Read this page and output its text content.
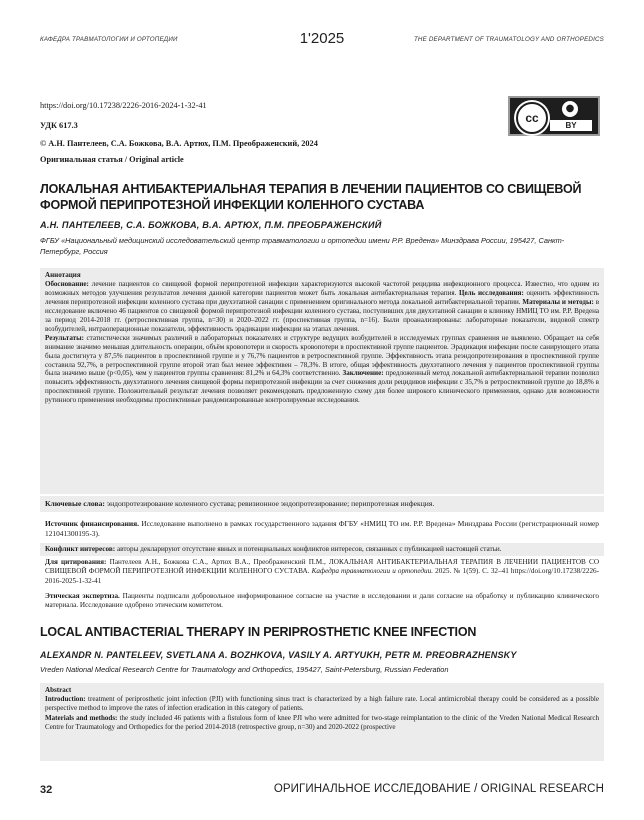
КАФЕДРА ТРАВМАТОЛОГИИ И ОРТОПЕДИИ	1'2025	THE DEPARTMENT OF TRAUMATOLOGY AND ORTHOPEDICS
https://doi.org/10.17238/2226-2016-2024-1-32-41
УДК 617.3
© А.Н. Пантелеев, С.А. Божкова, В.А. Артюх, П.М. Преображенский, 2024
Оригинальная статья / Original article
cc
●
BY
ЛОКАЛЬНАЯ АНТИБАКТЕРИАЛЬНАЯ ТЕРАПИЯ В ЛЕЧЕНИИ ПАЦИЕНТОВ СО СВИЩЕВОЙ ФОРМОЙ ПЕРИПРОТЕЗНОЙ ИНФЕКЦИИ КОЛЕННОГО СУСТАВА
А.Н. ПАНТЕЛЕЕВ, С.А. БОЖКОВА, В.А. АРТЮХ, П.М. ПРЕОБРАЖЕНСКИЙ
ФГБУ «Национальный медицинский исследовательский центр травматологии и ортопедии имени Р.Р. Вредена» Минздрава России, 195427, Санкт-Петербург, Россия
Аннотация
Обоснование: лечение пациентов со свищевой формой перипротезной инфекции характеризуются высокой частотой рецидива инфекционного процесса. Известно, что одним из возможных методов улучшения результатов лечения данной категории пациентов может быть локальная антибактериальная терапия. Цель исследования: оценить эффективность лечения перипротезной инфекции коленного сустава при двухэтапной санации с применением оригинального метода локальной антибактериальной терапии. Материалы и методы: в исследование включено 46 пациентов со свищевой формой перипротезной инфекции коленного сустава, поступивших для двухэтапной санации в клинику НМИЦ ТО им. Р.Р. Вредена за период 2014-2018 гг. (ретроспективная группа, n=30) и 2020–2022 гг. (проспективная группа, n=16). Были проанализированы: лабораторные показатели, видовой спектр возбудителей, интраоперационные показатели, эффективность эрадикации инфекции на этапах лечения.
Результаты: статистически значимых различий в лабораторных показателях и структуре ведущих возбудителей в исследуемых группах сравнения не выявлено. Обращает на себя внимание значимо меньшая длительность операции, объём кровопотери и скорость кровопотери в проспективной группе пациентов. Эрадикация инфекции после санирующего этапа была достигнута у 87,5% пациентов в проспективной группе и у 76,7% пациентов в ретроспективной группе. Эффективность этапа реэндопротезирования в проспективной группе составила 92,7%, в ретроспективной группе второй этап был менее эффективен – 78,3%. В итоге, общая эффективность двухэтапного лечения у пациентов проспективной группы была значимо выше (p<0,05), чем у пациентов группы сравнения: 81,2% и 64,3% соответственно. Заключение: предложенный метод локальной антибактериальной терапии позволил повысить эффективность двухэтапного лечения свищевой формы перипротезной инфекции за счет снижения доли рецидивов инфекции с 35,7% в ретроспективной группе до 18,8% в проспективной группе. Положительный результат лечения позволяет рекомендовать предложенную схему для более широкого клинического применения, однако для возможности рутинного применения необходимы проспективные рандомизированные контролируемые исследования.
Ключевые слова: эндопротезирование коленного сустава; ревизионное эндопротезирование; перипротезная инфекция.
Источник финансирования. Исследование выполнено в рамках государственного задания ФГБУ «НМИЦ ТО им. Р.Р. Вредена» Минздрава России (регистрационный номер 121041300195-3).
Конфликт интересов: авторы декларируют отсутствие явных и потенциальных конфликтов интересов, связанных с публикацией настоящей статьи.
Для цитирования: Пантелеев А.Н., Божкова С.А., Артюх В.А., Преображенский П.М., ЛОКАЛЬНАЯ АНТИБАКТЕРИАЛЬНАЯ ТЕРАПИЯ В ЛЕЧЕНИИ ПАЦИЕНТОВ СО СВИЩЕВОЙ ФОРМОЙ ПЕРИПРОТЕЗНОЙ ИНФЕКЦИИ КОЛЕННОГО СУСТАВА. Кафедра травматологии и ортопедии. 2025. № 1(59). С. 32–41 https://doi.org/10.17238/2226-2016-2025-1-32-41
Этическая экспертиза. Пациенты подписали добровольное информированное согласие на участие в исследовании и дали согласие на обработку и публикацию клинического материала. Исследование одобрено этическим комитетом.
LOCAL ANTIBACTERIAL THERAPY IN PERIPROSTHETIC KNEE INFECTION
ALEXANDR N. PANTELEEV, SVETLANA A. BOZHKOVA, VASILY A. ARTYUKH, PETR M. PREOBRAZHENSKY
Vreden National Medical Research Centre for Traumatology and Orthopedics, 195427, Saint-Petersburg, Russian Federation
Abstract
Introduction: treatment of periprosthetic joint infection (PJI) with functioning sinus tract is characterized by a high failure rate. Local antimicrobial therapy could be considered as a possible perspective method to improve the rates of infection eradication in this category of patients.
Materials and methods: the study included 46 patients with a fistulous form of knee PJI who were admitted for two-stage reimplantation to the clinic of the Vreden National Medical Research Centre for Traumatology and Orthopedics for the period 2014-2018 (retrospective group, n=30) and 2020-2022 (prospective
32	ОРИГИНАЛЬНОЕ ИССЛЕДОВАНИЕ / ORIGINAL RESEARCH
